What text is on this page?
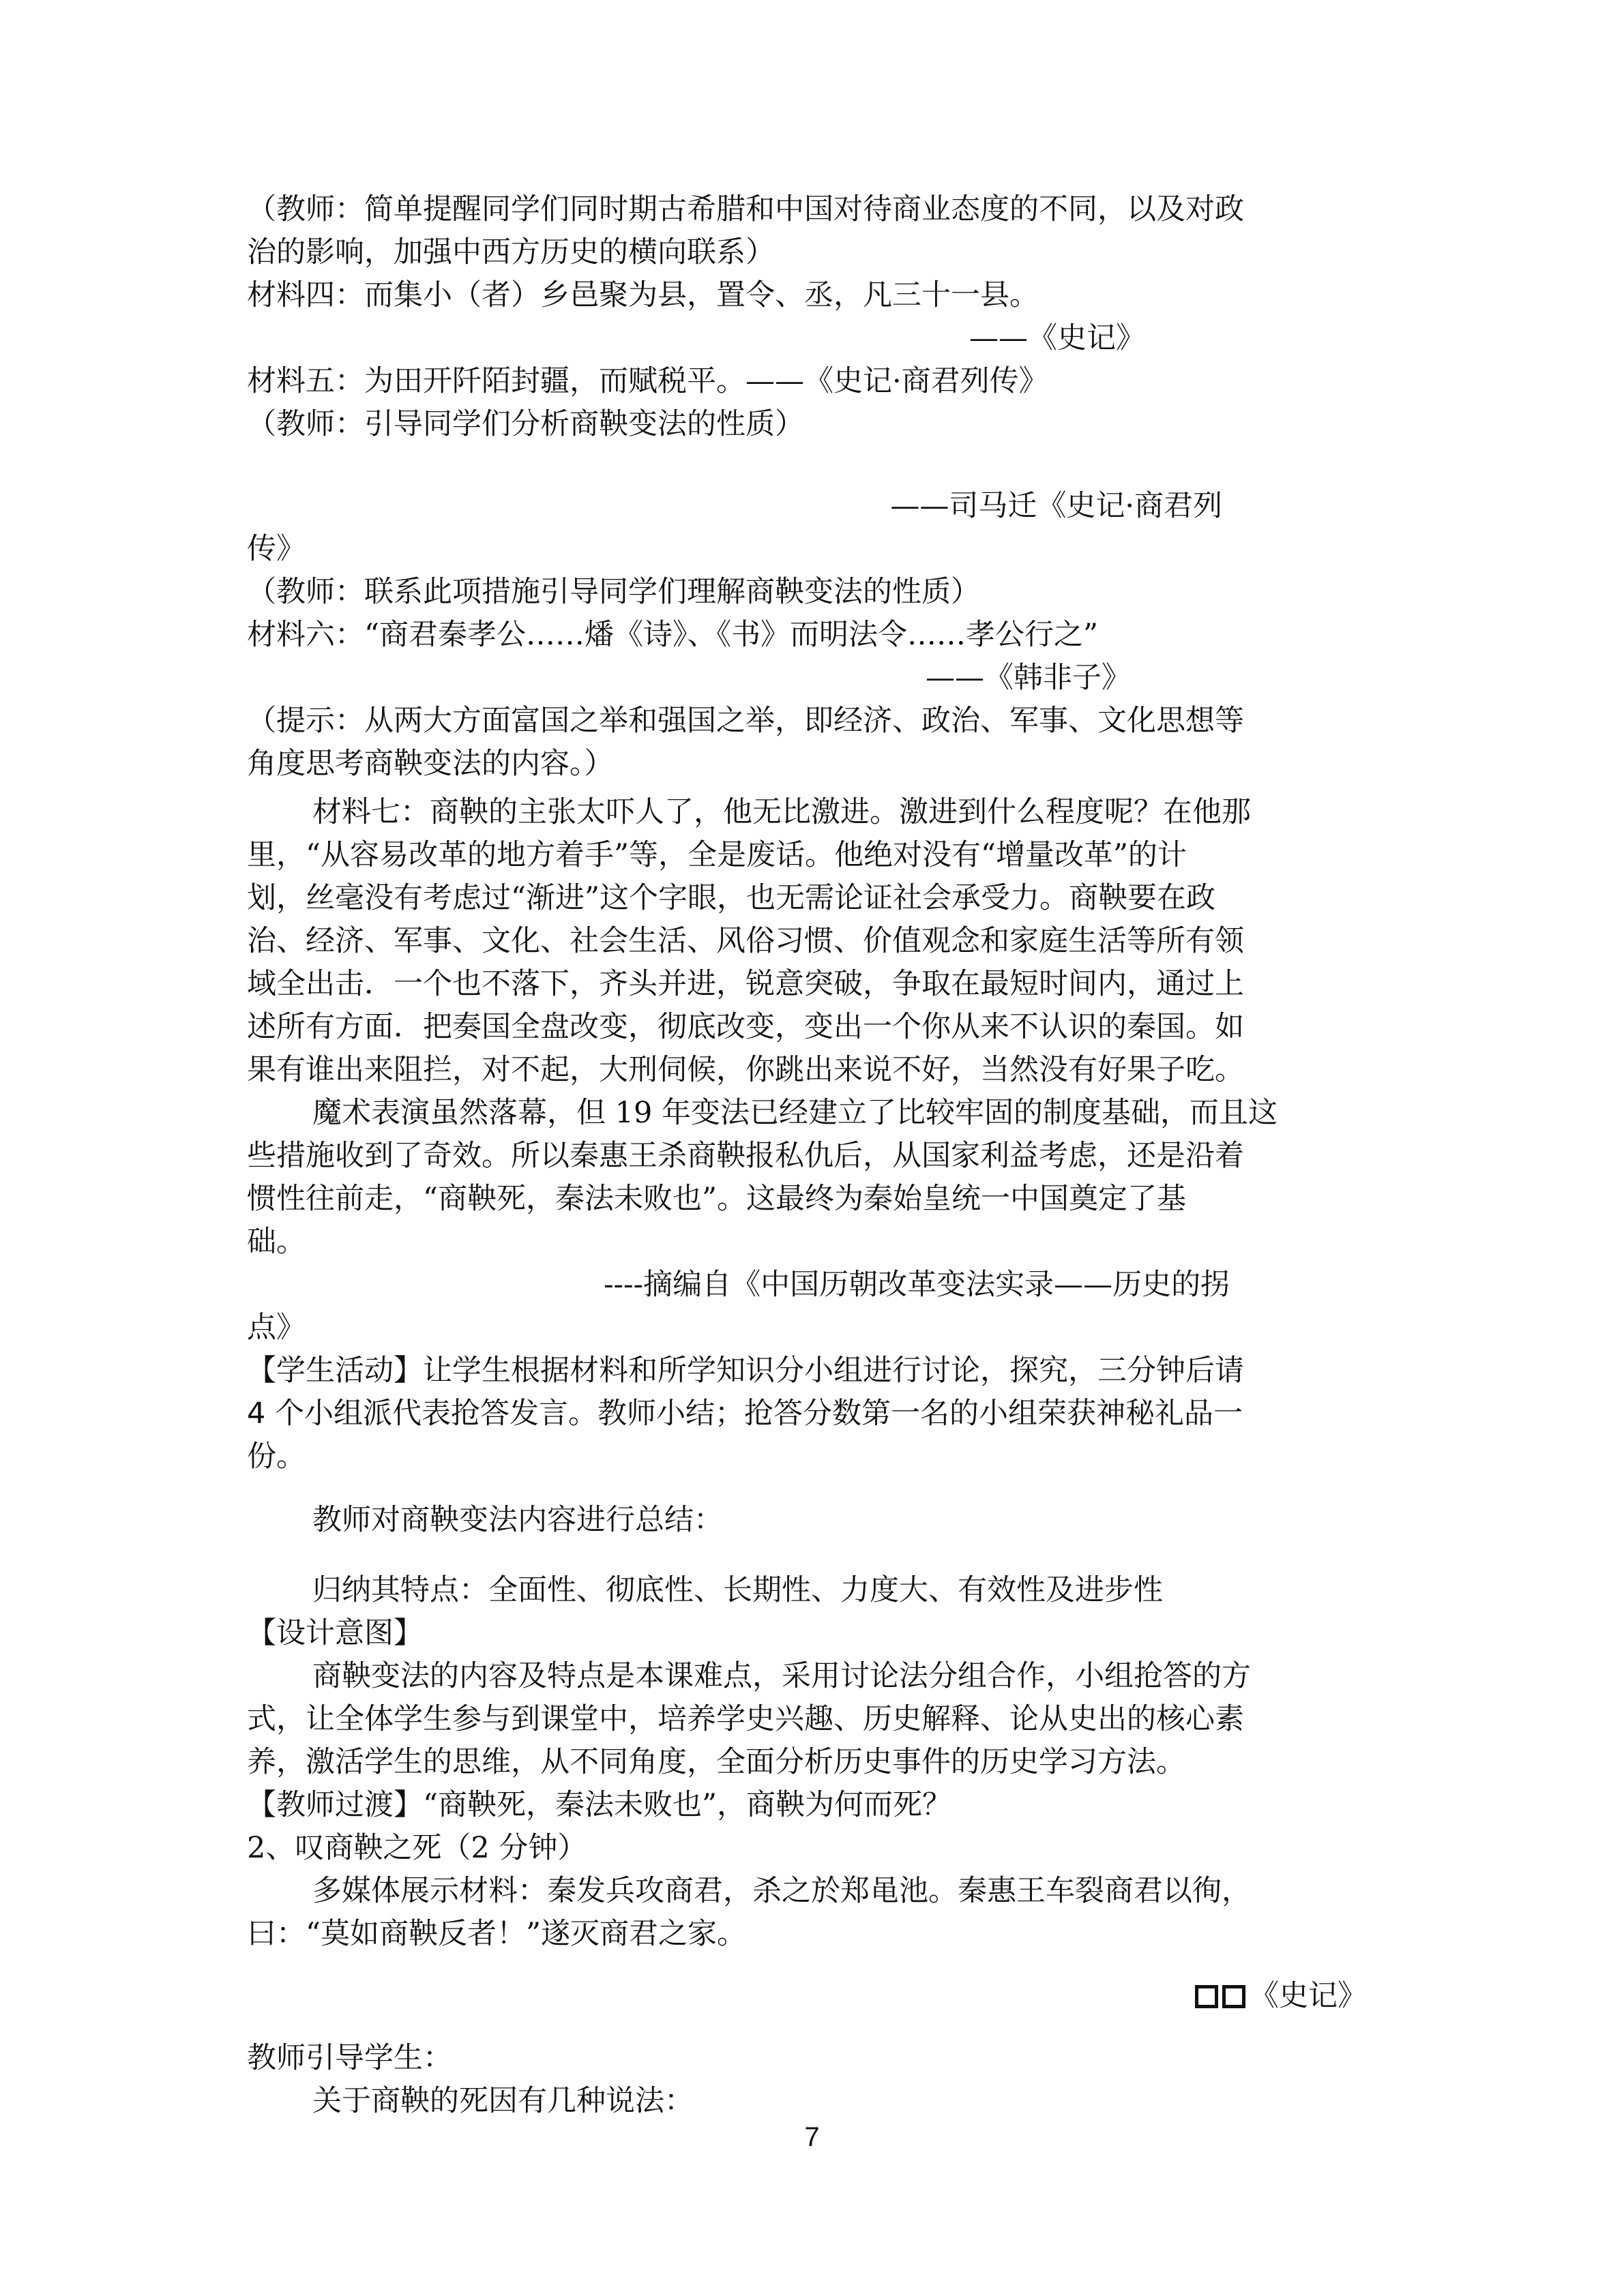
（教师：简单提醒同学们同时期古希腊和中国对待商业态度的不同，以及对政
治的影响，加强中西方历史的横向联系）
材料四：而集小（者）乡邑聚为县，置令、丞，凡三十一县。
——《史记》
材料五：为田开阡陌封疆，而赋税平。——《史记·商君列传》
（教师：引导同学们分析商鞅变法的性质）
——司马迁《史记·商君列
传》
（教师：联系此项措施引导同学们理解商鞅变法的性质）
材料六：“商君秦孝公……燔《诗》、《书》而明法令……孝公行之”
——《韩非子》
（提示：从两大方面富国之举和强国之举，即经济、政治、军事、文化思想等
角度思考商鞅变法的内容。）
材料七：商鞅的主张太吓人了，他无比激进。激进到什么程度呢？在他那
里，“从容易改革的地方着手”等，全是废话。他绝对没有“增量改革”的计
划，丝毫没有考虑过“渐进”这个字眼，也无需论证社会承受力。商鞅要在政
治、经济、军事、文化、社会生活、风俗习惯、价值观念和家庭生活等所有领
域全出击．一个也不落下，齐头并进，锐意突破，争取在最短时间内，通过上
述所有方面．把奏国全盘改变，彻底改变，变出一个你从来不认识的秦国。如
果有谁出来阻拦，对不起，大刑伺候，你跳出来说不好，当然没有好果子吃。
魔术表演虽然落幕，但 19 年变法已经建立了比较牢固的制度基础，而且这
些措施收到了奇效。所以秦惠王杀商鞅报私仇后，从国家利益考虑，还是沿着
惯性往前走，“商鞅死，秦法未败也”。这最终为秦始皇统一中国奠定了基
础。
----摘编自《中国历朝改革变法实录——历史的拐
点》
【学生活动】让学生根据材料和所学知识分小组进行讨论，探究，三分钟后请
4 个小组派代表抢答发言。教师小结；抢答分数第一名的小组荣获神秘礼品一
份。
教师对商鞅变法内容进行总结：
归纳其特点：全面性、彻底性、长期性、力度大、有效性及进步性
【设计意图】
商鞅变法的内容及特点是本课难点，采用讨论法分组合作，小组抢答的方
式，让全体学生参与到课堂中，培养学史兴趣、历史解释、论从史出的核心素
养，激活学生的思维，从不同角度，全面分析历史事件的历史学习方法。
【教师过渡】“商鞅死，秦法未败也”，商鞅为何而死？
2、叹商鞅之死（2 分钟）
多媒体展示材料：秦发兵攻商君，杀之於郑黾池。秦惠王车裂商君以徇，
曰：“莫如商鞅反者！”遂灭商君之家。
《史记》
教师引导学生：
关于商鞅的死因有几种说法：
7
